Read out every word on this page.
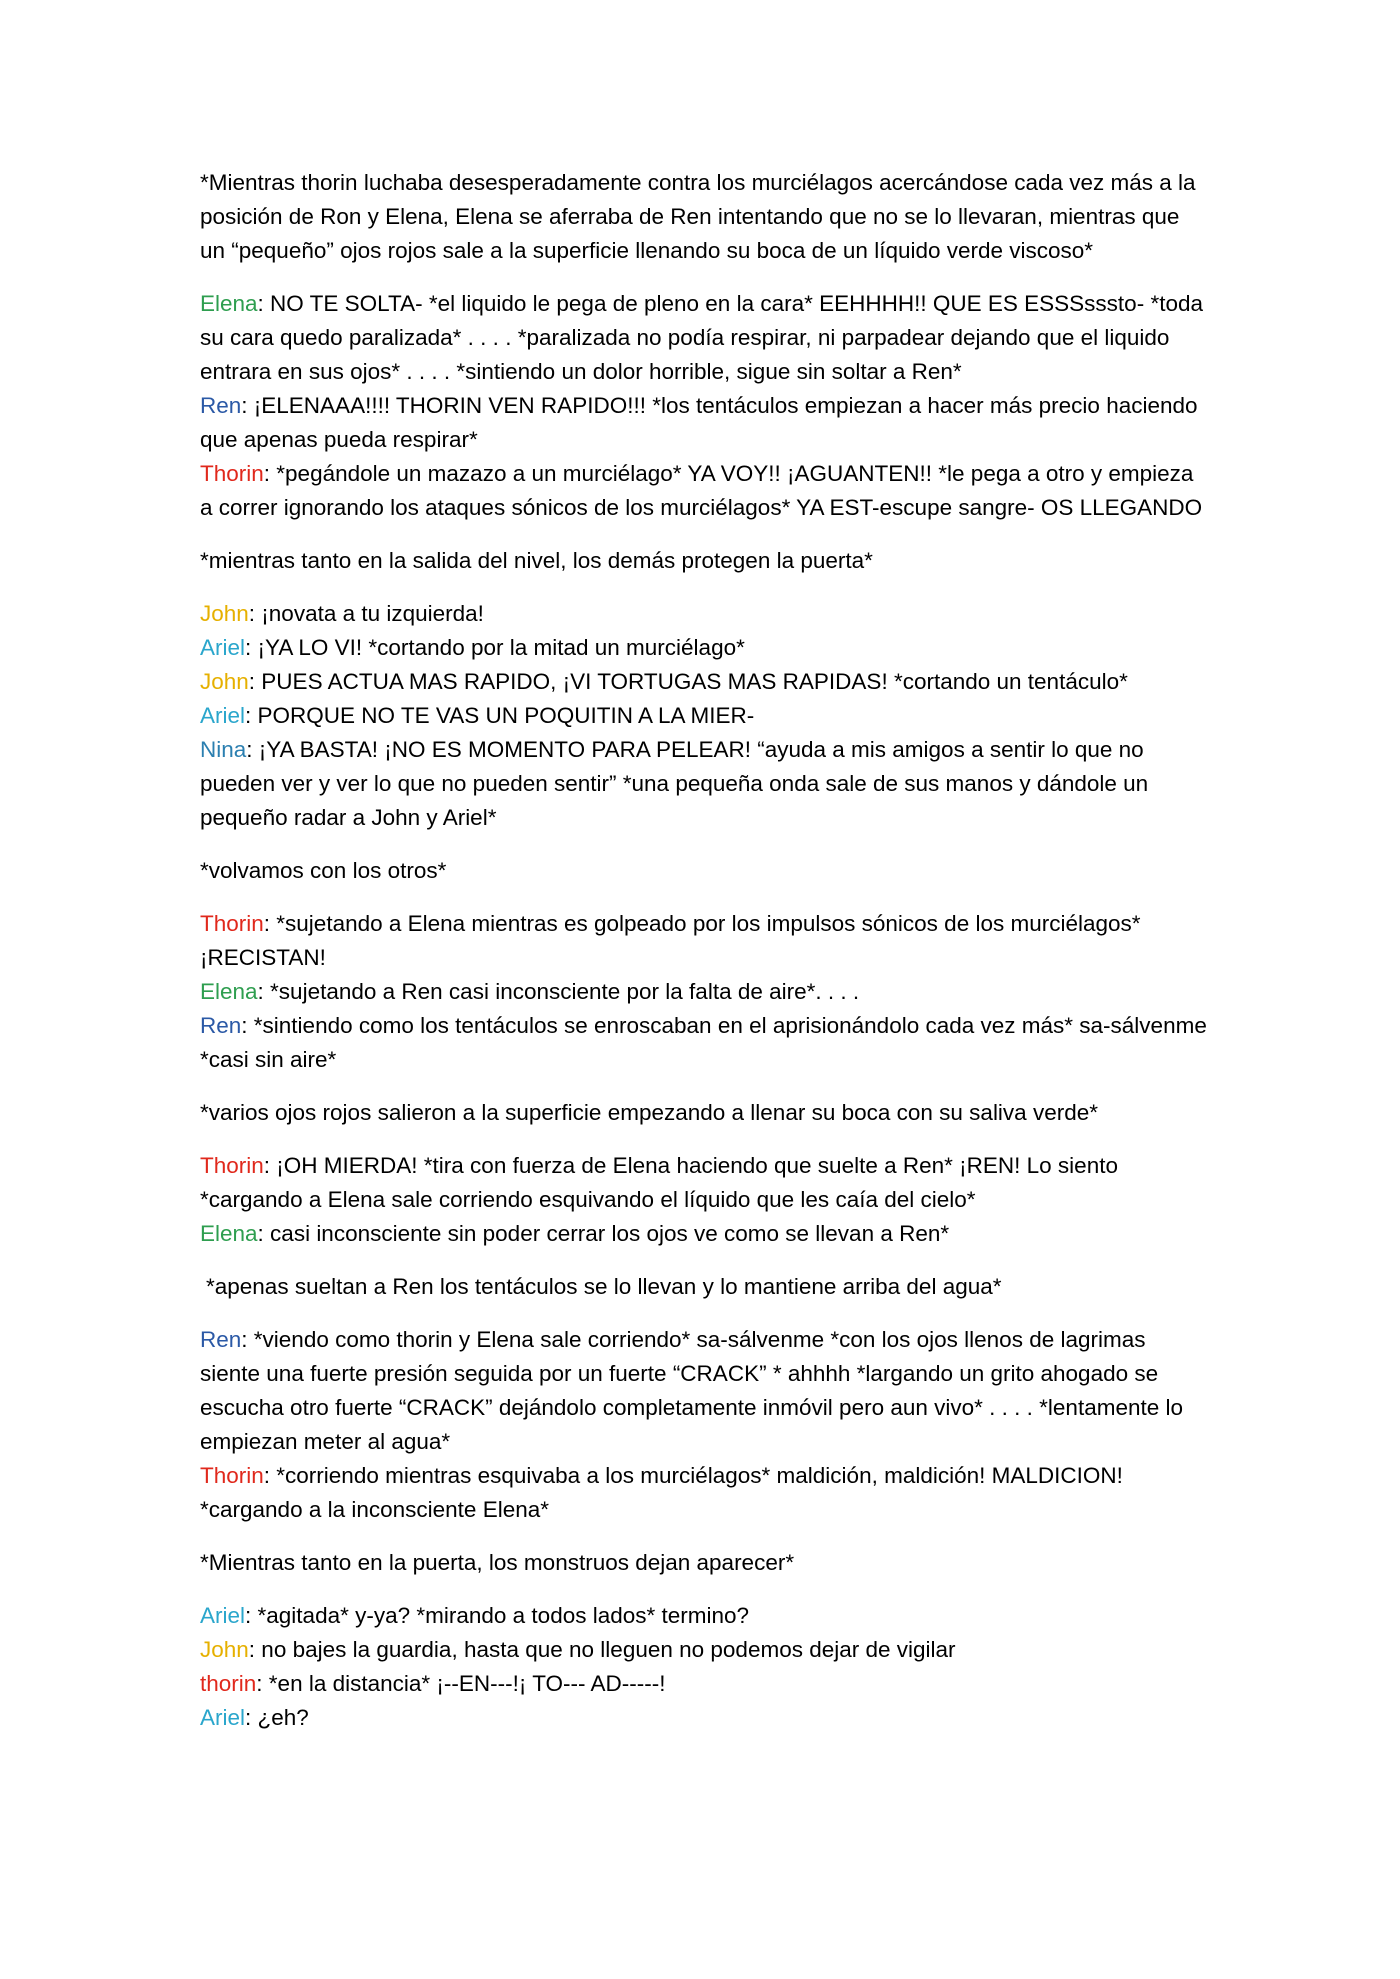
*Mientras thorin luchaba desesperadamente contra los murciélagos acercándose cada vez más a la posición de Ron y Elena, Elena se aferraba de Ren intentando que no se lo llevaran, mientras que un “pequeño” ojos rojos sale a la superficie llenando su boca de un líquido verde viscoso*

Elena: NO TE SOLTA- *el liquido le pega de pleno en la cara* EEHHHH!! QUE ES ESSSsssto- *toda su cara quedo paralizada* . . . . *paralizada no podía respirar, ni parpadear dejando que el liquido entrara en sus ojos* . . . . *sintiendo un dolor horrible, sigue sin soltar a Ren*

Ren: ¡ELENAAA!!!! THORIN VEN RAPIDO!!! *los tentáculos empiezan a hacer más precio haciendo que apenas pueda respirar*

Thorin: *pegándole un mazazo a un murciélago* YA VOY!! ¡AGUANTEN!! *le pega a otro y empieza a correr ignorando los ataques sónicos de los murciélagos* YA EST-escupe sangre- OS LLEGANDO

*mientras tanto en la salida del nivel, los demás protegen la puerta*

John: ¡novata a tu izquierda!

Ariel: ¡YA LO VI! *cortando por la mitad un murciélago*

John: PUES ACTUA MAS RAPIDO, ¡VI TORTUGAS MAS RAPIDAS! *cortando un tentáculo*

Ariel: PORQUE NO TE VAS UN POQUITIN A LA MIER-

Nina: ¡YA BASTA! ¡NO ES MOMENTO PARA PELEAR! “ayuda a mis amigos a sentir lo que no pueden ver y ver lo que no pueden sentir” *una pequeña onda sale de sus manos y dándole un pequeño radar a John y Ariel*

*volvamos con los otros*

Thorin: *sujetando a Elena mientras es golpeado por los impulsos sónicos de los murciélagos* ¡RECISTAN!

Elena: *sujetando a Ren casi inconsciente por la falta de aire*. . . .

Ren: *sintiendo como los tentáculos se enroscaban en el aprisionándolo cada vez más* sa-sálvenme *casi sin aire*

*varios ojos rojos salieron a la superficie empezando a llenar su boca con su saliva verde*

Thorin: ¡OH MIERDA! *tira con fuerza de Elena haciendo que suelte a Ren* ¡REN! Lo siento *cargando a Elena sale corriendo esquivando el líquido que les caía del cielo*

Elena: casi inconsciente sin poder cerrar los ojos ve como se llevan a Ren*

*apenas sueltan a Ren los tentáculos se lo llevan y lo mantiene arriba del agua*

Ren: *viendo como thorin y Elena sale corriendo* sa-sálvenme *con los ojos llenos de lagrimas siente una fuerte presión seguida por un fuerte “CRACK” * ahhhh *largando un grito ahogado se escucha otro fuerte “CRACK” dejándolo completamente inmóvil pero aun vivo* . . . . *lentamente lo empiezan meter al agua*

Thorin: *corriendo mientras esquivaba a los murciélagos* maldición, maldición! MALDICION! *cargando a la inconsciente Elena*

*Mientras tanto en la puerta, los monstruos dejan aparecer*

Ariel: *agitada* y-ya? *mirando a todos lados* termino?

John: no bajes la guardia, hasta que no lleguen no podemos dejar de vigilar

thorin: *en la distancia* ¡--EN---!¡ TO--- AD-----!

Ariel: ¿eh?
